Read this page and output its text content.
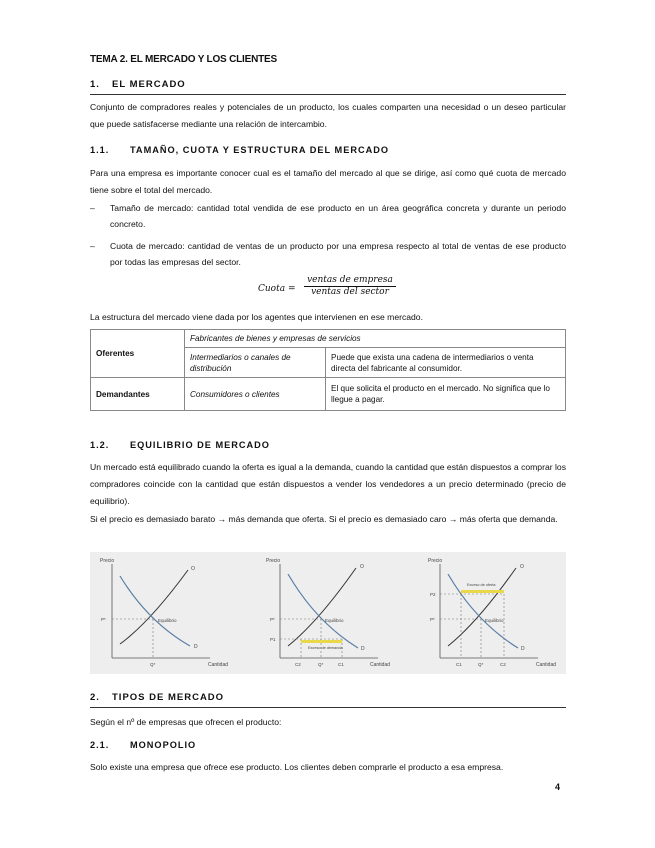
TEMA 2. EL MERCADO Y LOS CLIENTES
1. EL MERCADO
Conjunto de compradores reales y potenciales de un producto, los cuales comparten una necesidad o un deseo particular que puede satisfacerse mediante una relación de intercambio.
1.1. TAMAÑO, CUOTA Y ESTRUCTURA DEL MERCADO
Para una empresa es importante conocer cual es el tamaño del mercado al que se dirige, así como qué cuota de mercado tiene sobre el total del mercado.
– Tamaño de mercado: cantidad total vendida de ese producto en un área geográfica concreta y durante un periodo concreto.
– Cuota de mercado: cantidad de ventas de un producto por una empresa respecto al total de ventas de ese producto por todas las empresas del sector.
Cuota =
ventas de empresa
ventas del sector
La estructura del mercado viene dada por los agentes que intervienen en ese mercado.
Oferentes	Fabricantes de bienes y empresas de servicios	
	Intermediarios o canales de distribución	Puede que exista una cadena de intermediarios o venta directa del fabricante al consumidor.
Demandantes	Consumidores o clientes	El que solicita el producto en el mercado. No significa que lo llegue a pagar.
1.2. EQUILIBRIO DE MERCADO
Un mercado está equilibrado cuando la oferta es igual a la demanda, cuando la cantidad que están dispuestos a comprar los compradores coincide con la cantidad que están dispuestos a vender los vendedores a un precio determinado (precio de equilibrio).
Si el precio es demasiado barato → más demanda que oferta. Si el precio es demasiado caro → más oferta que demanda.
Precio
Cantidad
O
D
Equilibrio
P*
Q*
Precio
Cantidad
Exceso de demanda
O
D
Equilibrio
P*
P1
C2	Q*	C1
Precio
Cantidad
Exceso de oferta
O
D
Equilibrio
P*
P2
C1	Q*	C2
2. TIPOS DE MERCADO
Según el nº de empresas que ofrecen el producto:
2.1. MONOPOLIO
Solo existe una empresa que ofrece ese producto. Los clientes deben comprarle el producto a esa empresa.
4
